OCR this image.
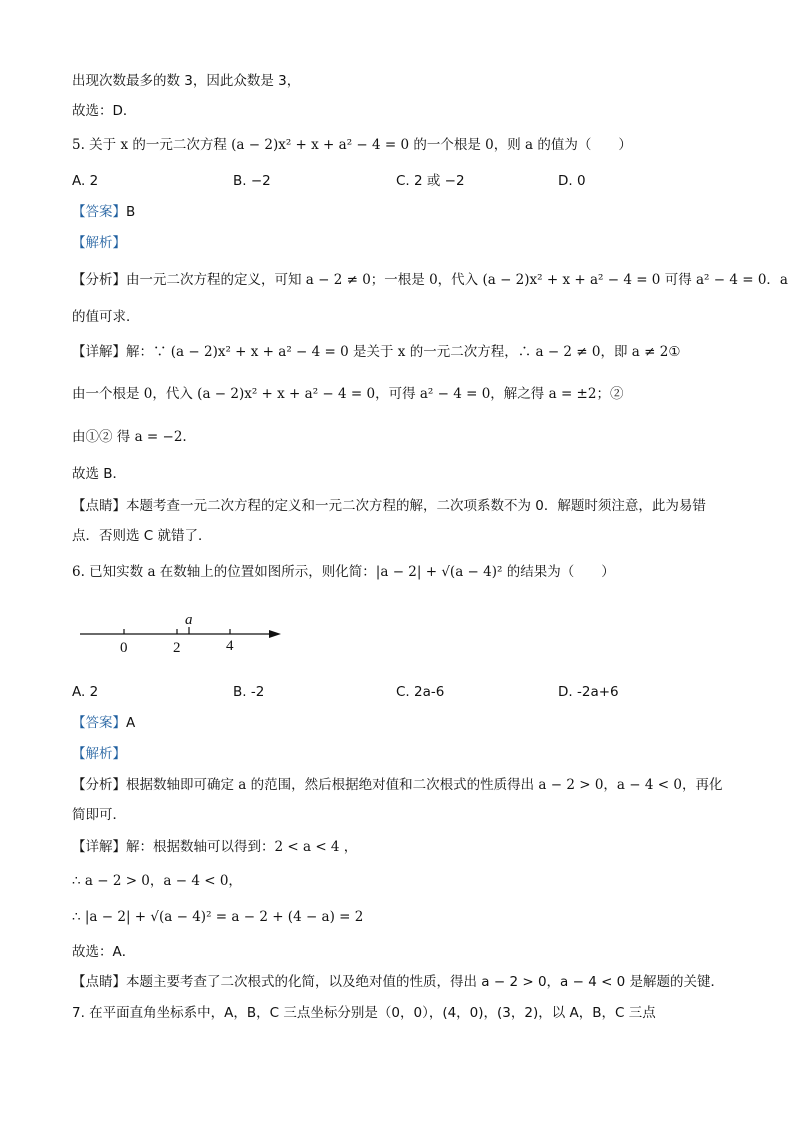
出现次数最多的数 3，因此众数是 3，
故选：D．
5. 关于 x 的一元二次方程 (a − 2)x² + x + a² − 4 = 0 的一个根是 0，则 a 的值为（　　）
A. 2	B. −2	C. 2 或 −2	D. 0
【答案】B
【解析】
【分析】由一元二次方程的定义，可知 a − 2 ≠ 0；一根是 0，代入 (a − 2)x² + x + a² − 4 = 0 可得 a² − 4 = 0．a
的值可求．
【详解】解：∵ (a − 2)x² + x + a² − 4 = 0 是关于 x 的一元二次方程，∴ a − 2 ≠ 0，即 a ≠ 2①
由一个根是 0，代入 (a − 2)x² + x + a² − 4 = 0，可得 a² − 4 = 0，解之得 a = ±2；②
由①② 得 a = −2.
故选 B．
【点睛】本题考查一元二次方程的定义和一元二次方程的解，二次项系数不为 0．解题时须注意，此为易错
点．否则选 C 就错了．
6. 已知实数 a 在数轴上的位置如图所示，则化简：|a − 2| + √(a − 4)² 的结果为（　　）
0	2	4
a
A. 2	B. -2	C. 2a-6	D. -2a+6
【答案】A
【解析】
【分析】根据数轴即可确定 a 的范围，然后根据绝对值和二次根式的性质得出 a − 2 > 0，a − 4 < 0，再化
简即可．
【详解】解：根据数轴可以得到：2 < a < 4 ，
∴ a − 2 > 0，a − 4 < 0，
∴ |a − 2| + √(a − 4)² = a − 2 + (4 − a) = 2
故选：A．
【点睛】本题主要考查了二次根式的化简，以及绝对值的性质，得出 a − 2 > 0，a − 4 < 0 是解题的关键．
7. 在平面直角坐标系中，A，B，C 三点坐标分别是（0，0），(4，0)，(3，2)，以 A，B，C 三点
